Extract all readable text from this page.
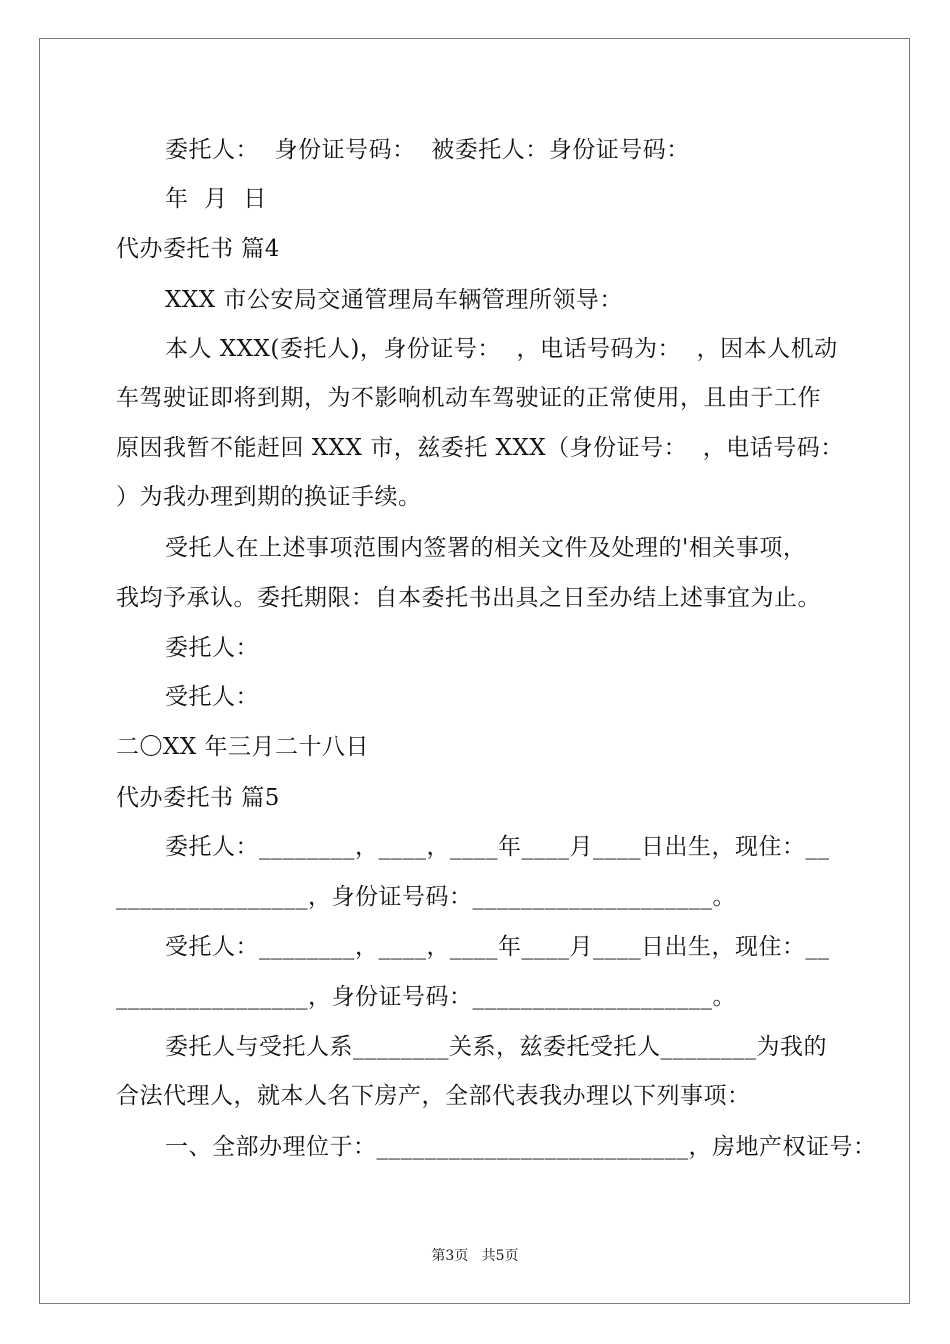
委托人：  身份证号码：  被委托人：身份证号码：
年  月  日
代办委托书 篇4
XXX 市公安局交通管理局车辆管理所领导：
本人 XXX(委托人)，身份证号：  ，电话号码为：  ，因本人机动
车驾驶证即将到期，为不影响机动车驾驶证的正常使用，且由于工作
原因我暂不能赶回 XXX 市，兹委托 XXX（身份证号：  ，电话号码：
）为我办理到期的换证手续。
受托人在上述事项范围内签署的相关文件及处理的'相关事项，
我均予承认。委托期限：自本委托书出具之日至办结上述事宜为止。
委托人：
受托人：
二〇XX 年三月二十八日
代办委托书 篇5
委托人：________，____，____年____月____日出生，现住：__
________________，身份证号码：____________________。
受托人：________，____，____年____月____日出生，现住：__
________________，身份证号码：____________________。
委托人与受托人系________关系，兹委托受托人________为我的
合法代理人，就本人名下房产，全部代表我办理以下列事项：
一、全部办理位于：__________________________，房地产权证号：
第3页   共5页
